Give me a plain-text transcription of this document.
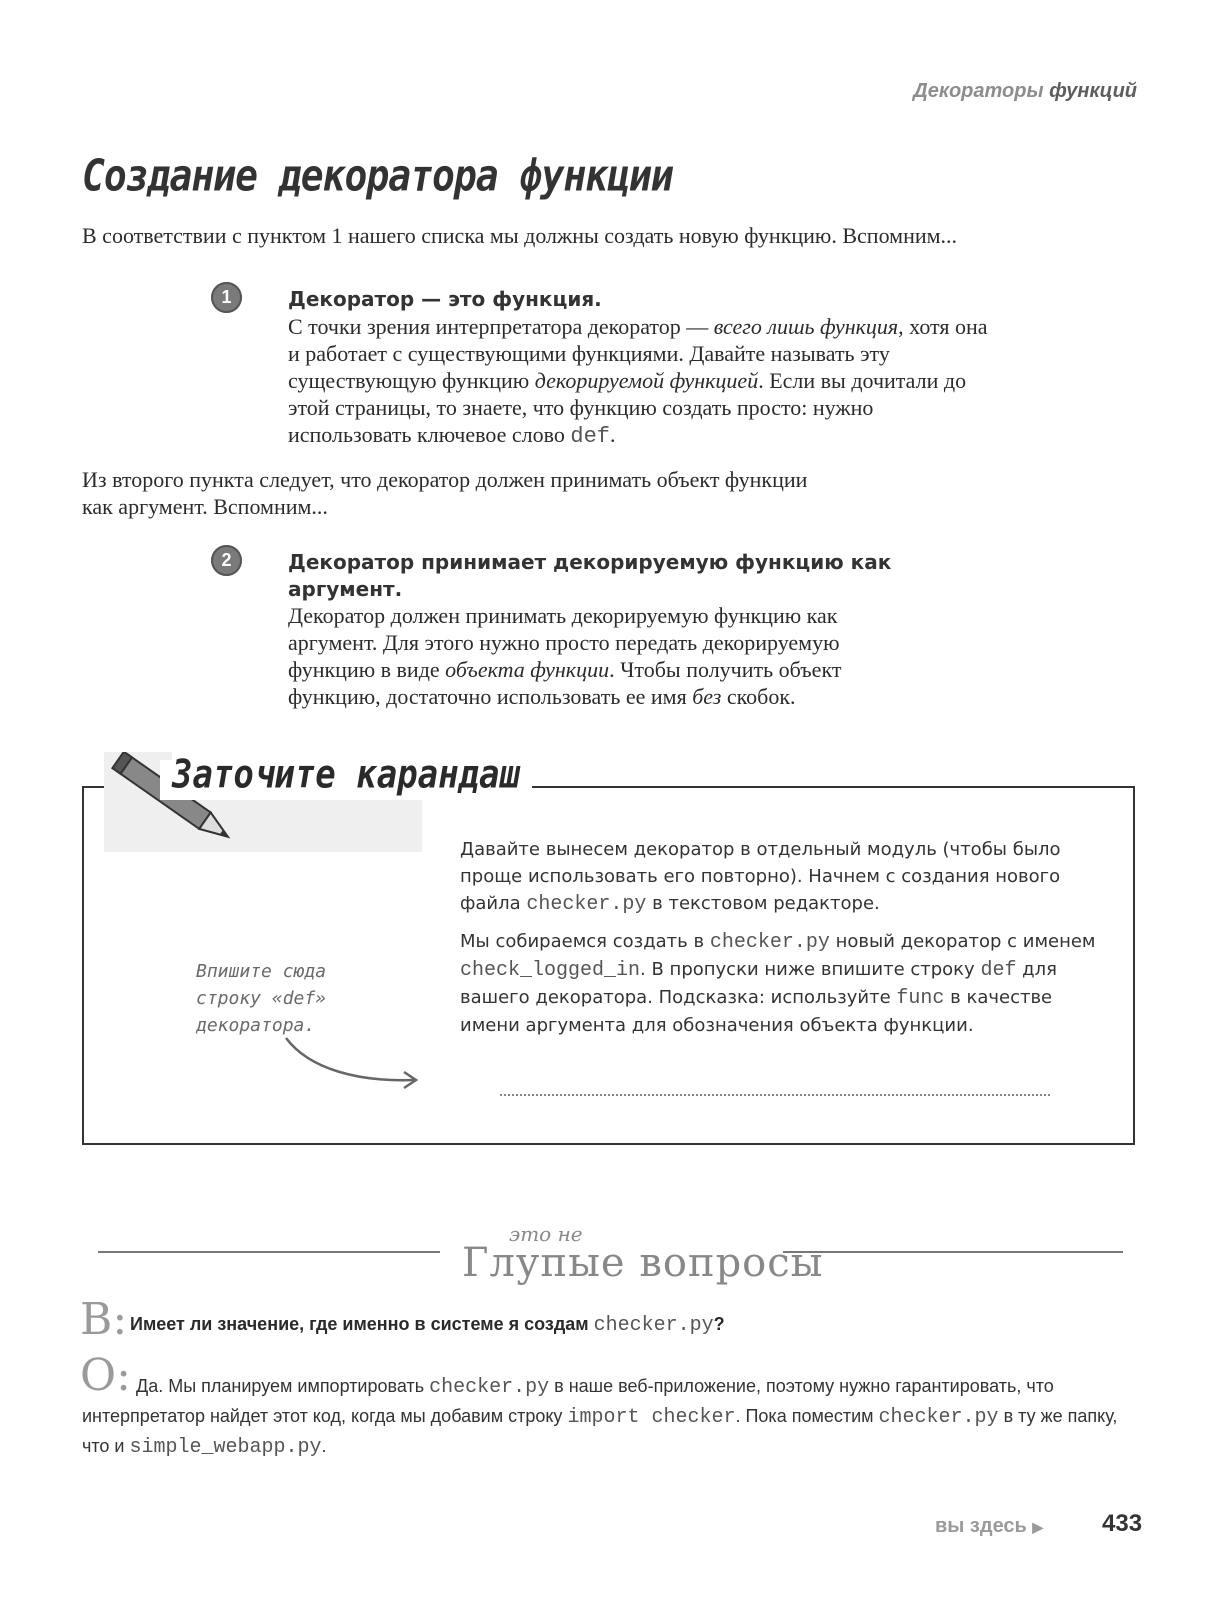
Декораторы функций
Создание декоратора функции
В соответствии с пунктом 1 нашего списка мы должны создать новую функцию. Вспомним...
1	Декоратор — это функция.
С точки зрения интерпретатора декоратор — всего лишь функция, хотя она и работает с существующими функциями. Давайте называть эту существующую функцию декорируемой функцией. Если вы дочитали до этой страницы, то знаете, что функцию создать просто: нужно использовать ключевое слово def.
Из второго пункта следует, что декоратор должен принимать объект функции как аргумент. Вспомним...
2	Декоратор принимает декорируемую функцию как аргумент.
Декоратор должен принимать декорируемую функцию как аргумент. Для этого нужно просто передать декорируемую функцию в виде объекта функции. Чтобы получить объект функцию, достаточно использовать ее имя без скобок.
Заточите карандаш
Давайте вынесем декоратор в отдельный модуль (чтобы было проще использовать его повторно). Начнем с создания нового файла checker.py в текстовом редакторе.
Мы собираемся создать в checker.py новый декоратор с именем check_logged_in. В пропуски ниже впишите строку def для вашего декоратора. Подсказка: используйте func в качестве имени аргумента для обозначения объекта функции.
Впишите сюда
строку «def»
декоратора.
это не
Глупые вопросы
В: Имеет ли значение, где именно в системе я создам checker.py?
О: Да. Мы планируем импортировать checker.py в наше веб-приложение, поэтому нужно гарантировать, что интерпретатор найдет этот код, когда мы добавим строку import checker. Пока поместим checker.py в ту же папку, что и simple_webapp.py.
вы здесь ▶ 433
